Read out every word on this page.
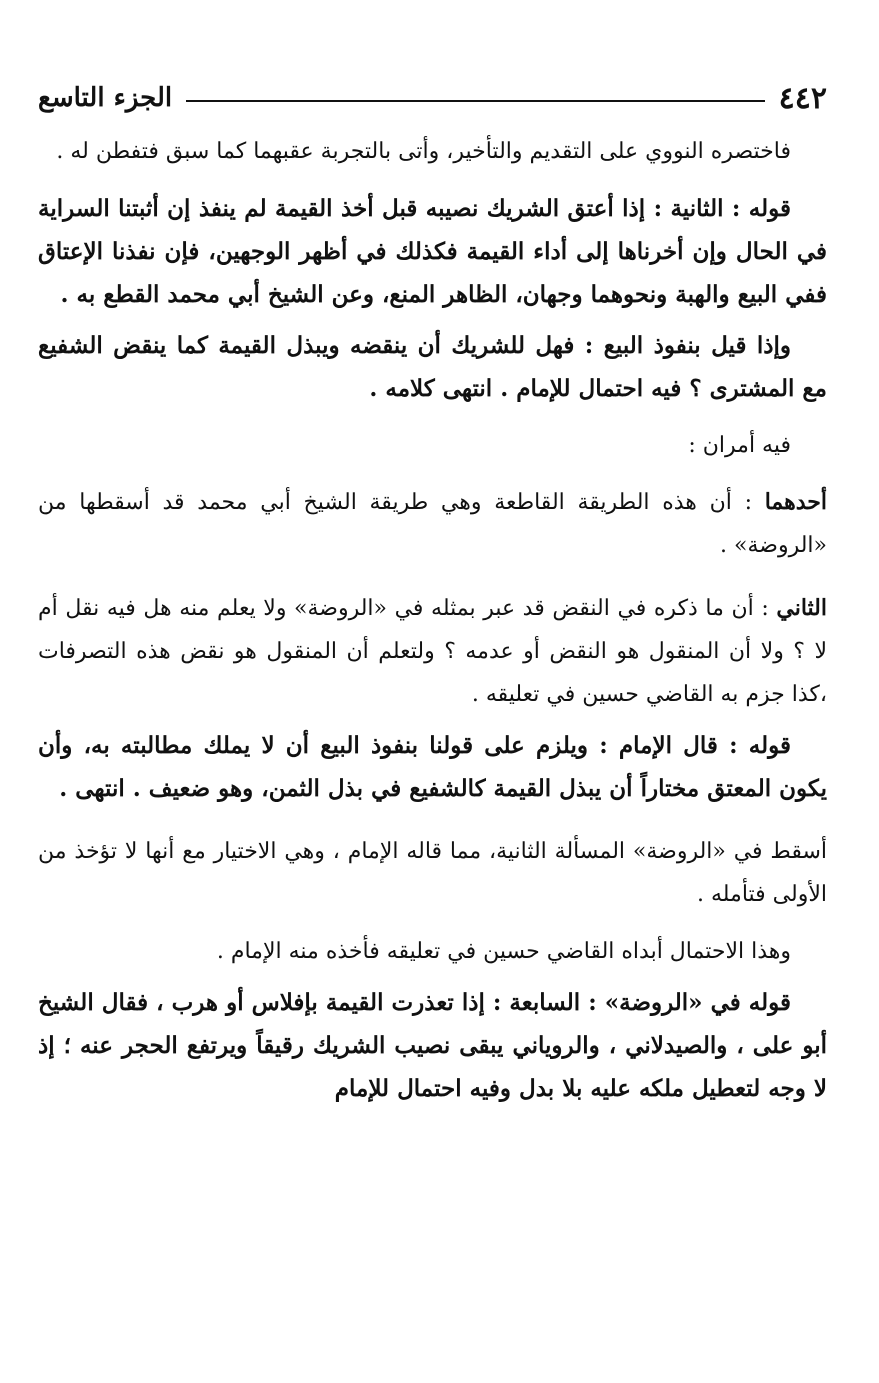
٤٤٢
الجزء التاسع

فاختصره النووي على التقديم والتأخير، وأتى بالتجربة عقبهما كما سبق فتفطن له .

قوله : الثانية : إذا أعتق الشريك نصيبه قبل أخذ القيمة لم ينفذ إن أثبتنا السراية في الحال وإن أخرناها إلى أداء القيمة فكذلك في أظهر الوجهين، فإن نفذنا الإعتاق ففي البيع والهبة ونحوهما وجهان، الظاهر المنع، وعن الشيخ أبي محمد القطع به .

وإذا قيل بنفوذ البيع : فهل للشريك أن ينقضه ويبذل القيمة كما ينقض الشفيع مع المشترى ؟ فيه احتمال للإمام . انتهى كلامه .

فيه أمران :

أحدهما : أن هذه الطريقة القاطعة وهي طريقة الشيخ أبي محمد قد أسقطها من «الروضة» .

الثاني : أن ما ذكره في النقض قد عبر بمثله في «الروضة» ولا يعلم منه هل فيه نقل أم لا ؟ ولا أن المنقول هو النقض أو عدمه ؟ ولتعلم أن المنقول هو نقض هذه التصرفات ،كذا جزم به القاضي حسين في تعليقه .

قوله : قال الإمام : ويلزم على قولنا بنفوذ البيع أن لا يملك مطالبته به، وأن يكون المعتق مختاراً أن يبذل القيمة كالشفيع في بذل الثمن، وهو ضعيف . انتهى .

أسقط في «الروضة» المسألة الثانية، مما قاله الإمام ، وهي الاختيار مع أنها لا تؤخذ من الأولى فتأمله .

وهذا الاحتمال أبداه القاضي حسين في تعليقه فأخذه منه الإمام .

قوله في «الروضة» : السابعة : إذا تعذرت القيمة بإفلاس أو هرب ، فقال الشيخ أبو على ، والصيدلاني ، والروياني يبقى نصيب الشريك رقيقاً ويرتفع الحجر عنه ؛ إذ لا وجه لتعطيل ملكه عليه بلا بدل وفيه احتمال للإمام
